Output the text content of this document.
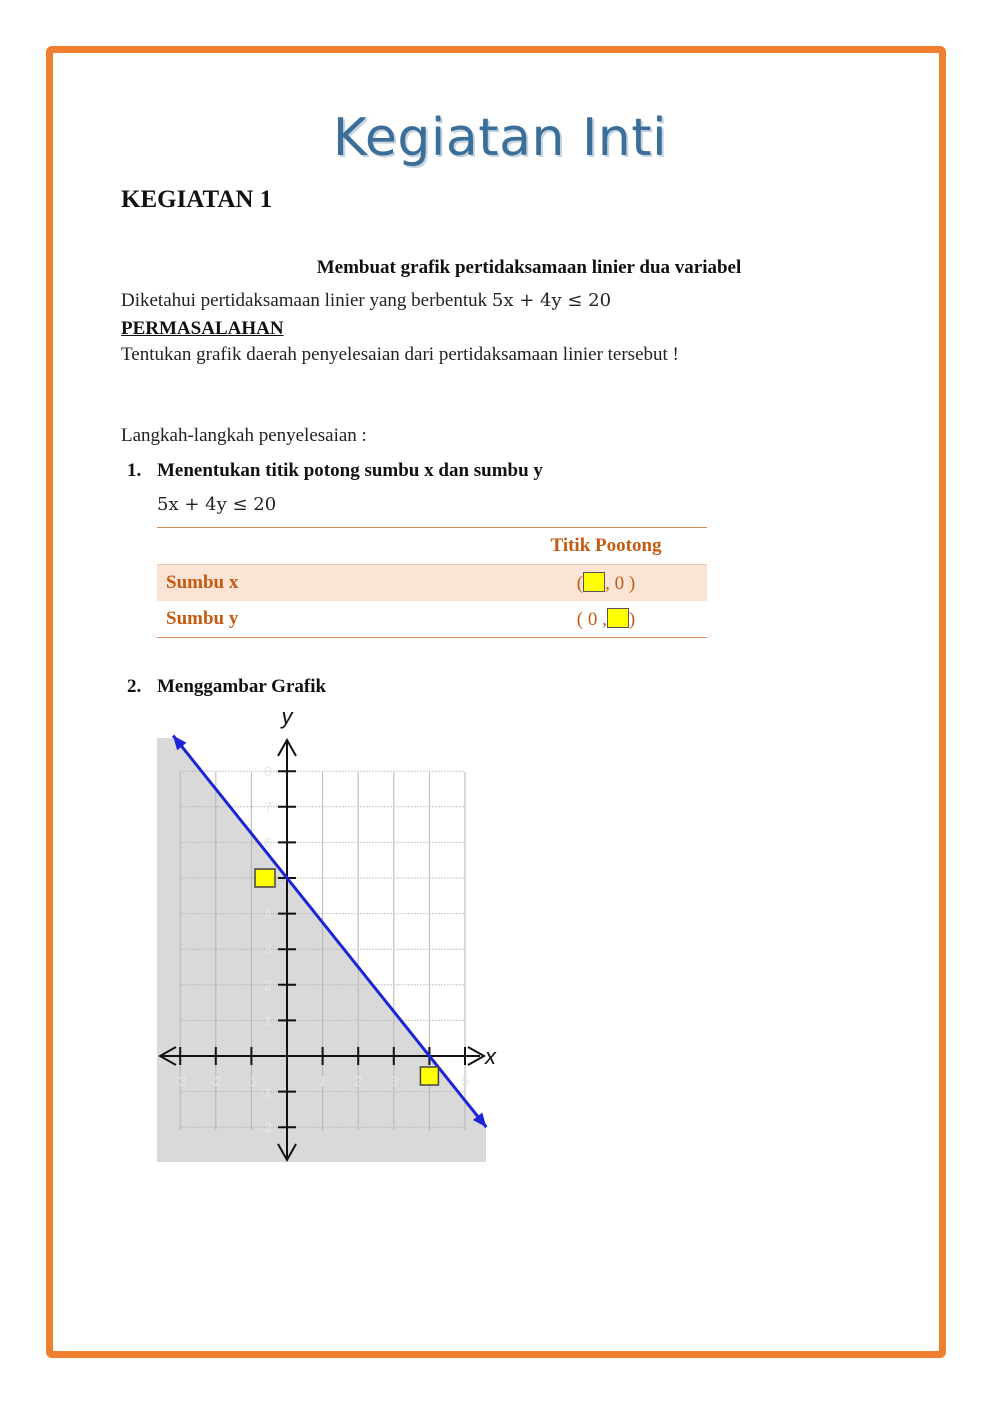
Kegiatan Inti
KEGIATAN 1
Membuat grafik pertidaksamaan linier dua variabel
Diketahui pertidaksamaan linier yang berbentuk 5x + 4y ≤ 20
PERMASALAHAN
Tentukan grafik daerah penyelesaian dari pertidaksamaan linier tersebut !
Langkah-langkah penyelesaian :
1. Menentukan titik potong sumbu x dan sumbu y
5x + 4y ≤ 20
	Titik Pootong
Sumbu x	( , 0 )
Sumbu y	( 0 , )
2. Menggambar Grafik
x
y
8
7
6
4
3
2
1
-1
-2
-3 -2 -1	1 2 3	5
